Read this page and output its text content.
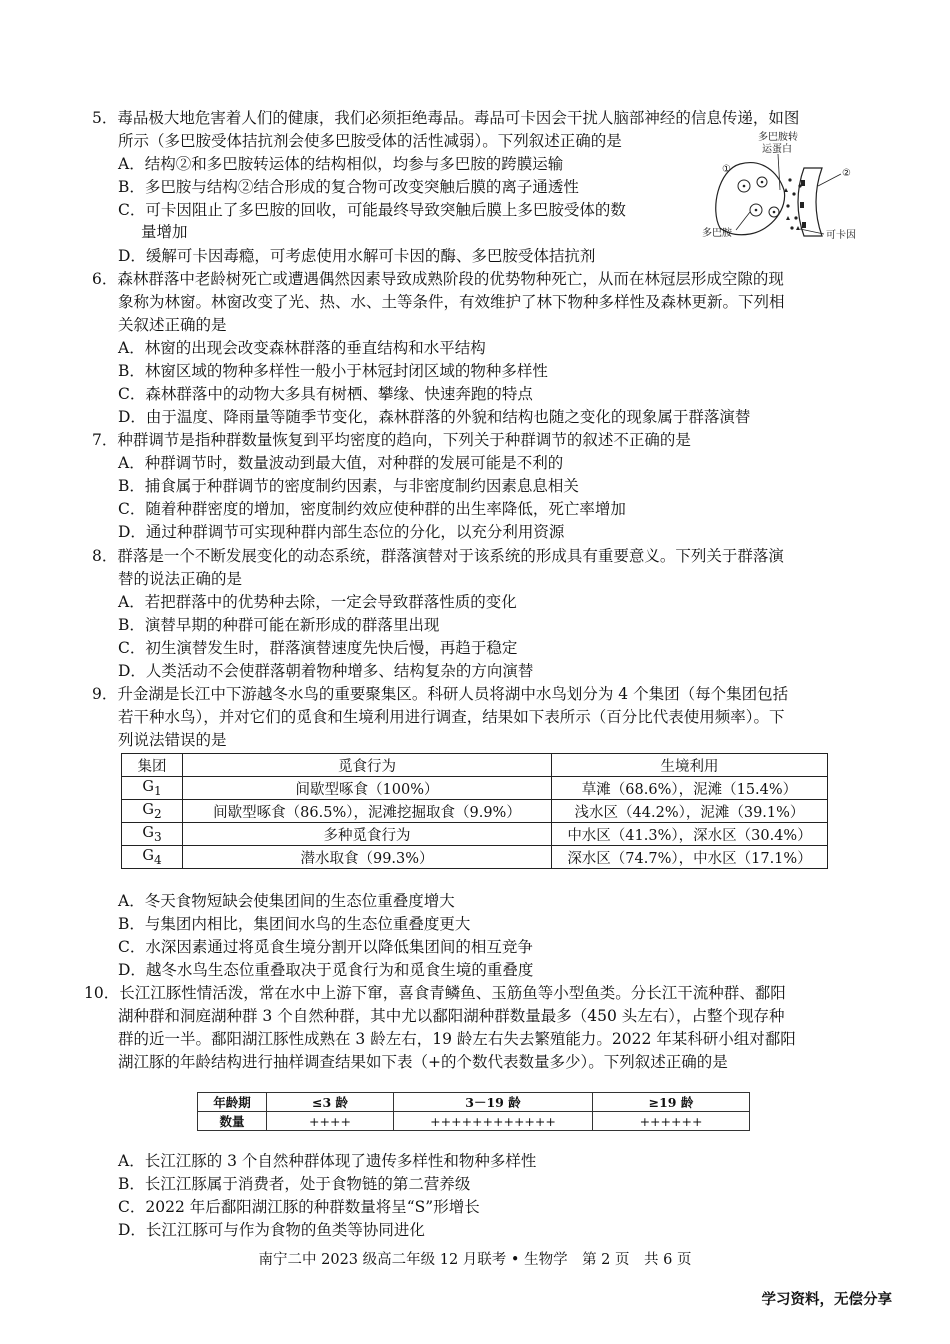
5．毒品极大地危害着人们的健康，我们必须拒绝毒品。毒品可卡因会干扰人脑部神经的信息传递，如图
所示（多巴胺受体拮抗剂会使多巴胺受体的活性减弱）。下列叙述正确的是
A．结构②和多巴胺转运体的结构相似，均参与多巴胺的跨膜运输
B．多巴胺与结构②结合形成的复合物可改变突触后膜的离子通透性
C．可卡因阻止了多巴胺的回收，可能最终导致突触后膜上多巴胺受体的数
量增加
D．缓解可卡因毒瘾，可考虑使用水解可卡因的酶、多巴胺受体拮抗剂
多巴胺转
运蛋白
①	②
多巴胺	可卡因
6．森林群落中老龄树死亡或遭遇偶然因素导致成熟阶段的优势物种死亡，从而在林冠层形成空隙的现
象称为林窗。林窗改变了光、热、水、土等条件，有效维护了林下物种多样性及森林更新。下列相
关叙述正确的是
A．林窗的出现会改变森林群落的垂直结构和水平结构
B．林窗区域的物种多样性一般小于林冠封闭区域的物种多样性
C．森林群落中的动物大多具有树栖、攀缘、快速奔跑的特点
D．由于温度、降雨量等随季节变化，森林群落的外貌和结构也随之变化的现象属于群落演替
7．种群调节是指种群数量恢复到平均密度的趋向，下列关于种群调节的叙述不正确的是
A．种群调节时，数量波动到最大值，对种群的发展可能是不利的
B．捕食属于种群调节的密度制约因素，与非密度制约因素息息相关
C．随着种群密度的增加，密度制约效应使种群的出生率降低，死亡率增加
D．通过种群调节可实现种群内部生态位的分化，以充分利用资源
8．群落是一个不断发展变化的动态系统，群落演替对于该系统的形成具有重要意义。下列关于群落演
替的说法正确的是
A．若把群落中的优势种去除，一定会导致群落性质的变化
B．演替早期的种群可能在新形成的群落里出现
C．初生演替发生时，群落演替速度先快后慢，再趋于稳定
D．人类活动不会使群落朝着物种增多、结构复杂的方向演替
9．升金湖是长江中下游越冬水鸟的重要聚集区。科研人员将湖中水鸟划分为 4 个集团（每个集团包括
若干种水鸟），并对它们的觅食和生境利用进行调查，结果如下表所示（百分比代表使用频率）。下
列说法错误的是
集团	觅食行为	生境利用
$G_1$	间歇型啄食（100%）	草滩（68.6%），泥滩（15.4%）
$G_2$	间歇型啄食（86.5%），泥滩挖掘取食（9.9%）	浅水区（44.2%），泥滩（39.1%）
$G_3$	多种觅食行为	中水区（41.3%），深水区（30.4%）
$G_4$	潜水取食（99.3%）	深水区（74.7%），中水区（17.1%）
A．冬天食物短缺会使集团间的生态位重叠度增大
B．与集团内相比，集团间水鸟的生态位重叠度更大
C．水深因素通过将觅食生境分割开以降低集团间的相互竞争
D．越冬水鸟生态位重叠取决于觅食行为和觅食生境的重叠度
10．长江江豚性情活泼，常在水中上游下窜，喜食青鳞鱼、玉筋鱼等小型鱼类。分长江干流种群、鄱阳
湖种群和洞庭湖种群 3 个自然种群，其中尤以鄱阳湖种群数量最多（450 头左右），占整个现存种
群的近一半。鄱阳湖江豚性成熟在 3 龄左右，19 龄左右失去繁殖能力。2022 年某科研小组对鄱阳
湖江豚的年龄结构进行抽样调查结果如下表（+的个数代表数量多少）。下列叙述正确的是
年龄期	≤3 龄	3－19 龄	≥19 龄
数量	++++	++++++++++++	++++++
A．长江江豚的 3 个自然种群体现了遗传多样性和物种多样性
B．长江江豚属于消费者，处于食物链的第二营养级
C．2022 年后鄱阳湖江豚的种群数量将呈“S”形增长
D．长江江豚可与作为食物的鱼类等协同进化
南宁二中 2023 级高二年级 12 月联考 • 生物学　第 2 页　共 6 页
学习资料，无偿分享
